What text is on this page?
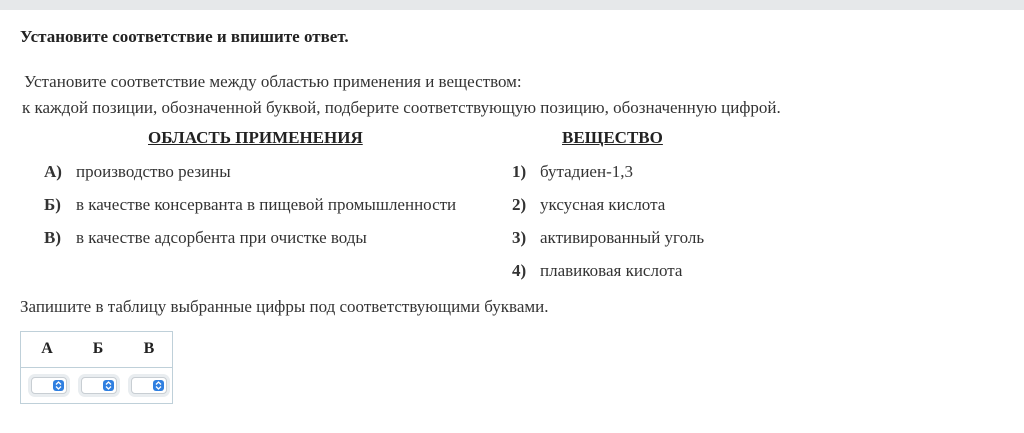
Установите соответствие и впишите ответ.
Установите соответствие между областью применения и веществом:
к каждой позиции, обозначенной буквой, подберите соответствующую позицию, обозначенную цифрой.
ОБЛАСТЬ ПРИМЕНЕНИЯ	ВЕЩЕСТВО
А) производство резины
Б) в качестве консерванта в пищевой промышленности
В) в качестве адсорбента при очистке воды
1) бутадиен-1,3
2) уксусная кислота
3) активированный уголь
4) плавиковая кислота
Запишите в таблицу выбранные цифры под соответствующими буквами.
А	Б	В
